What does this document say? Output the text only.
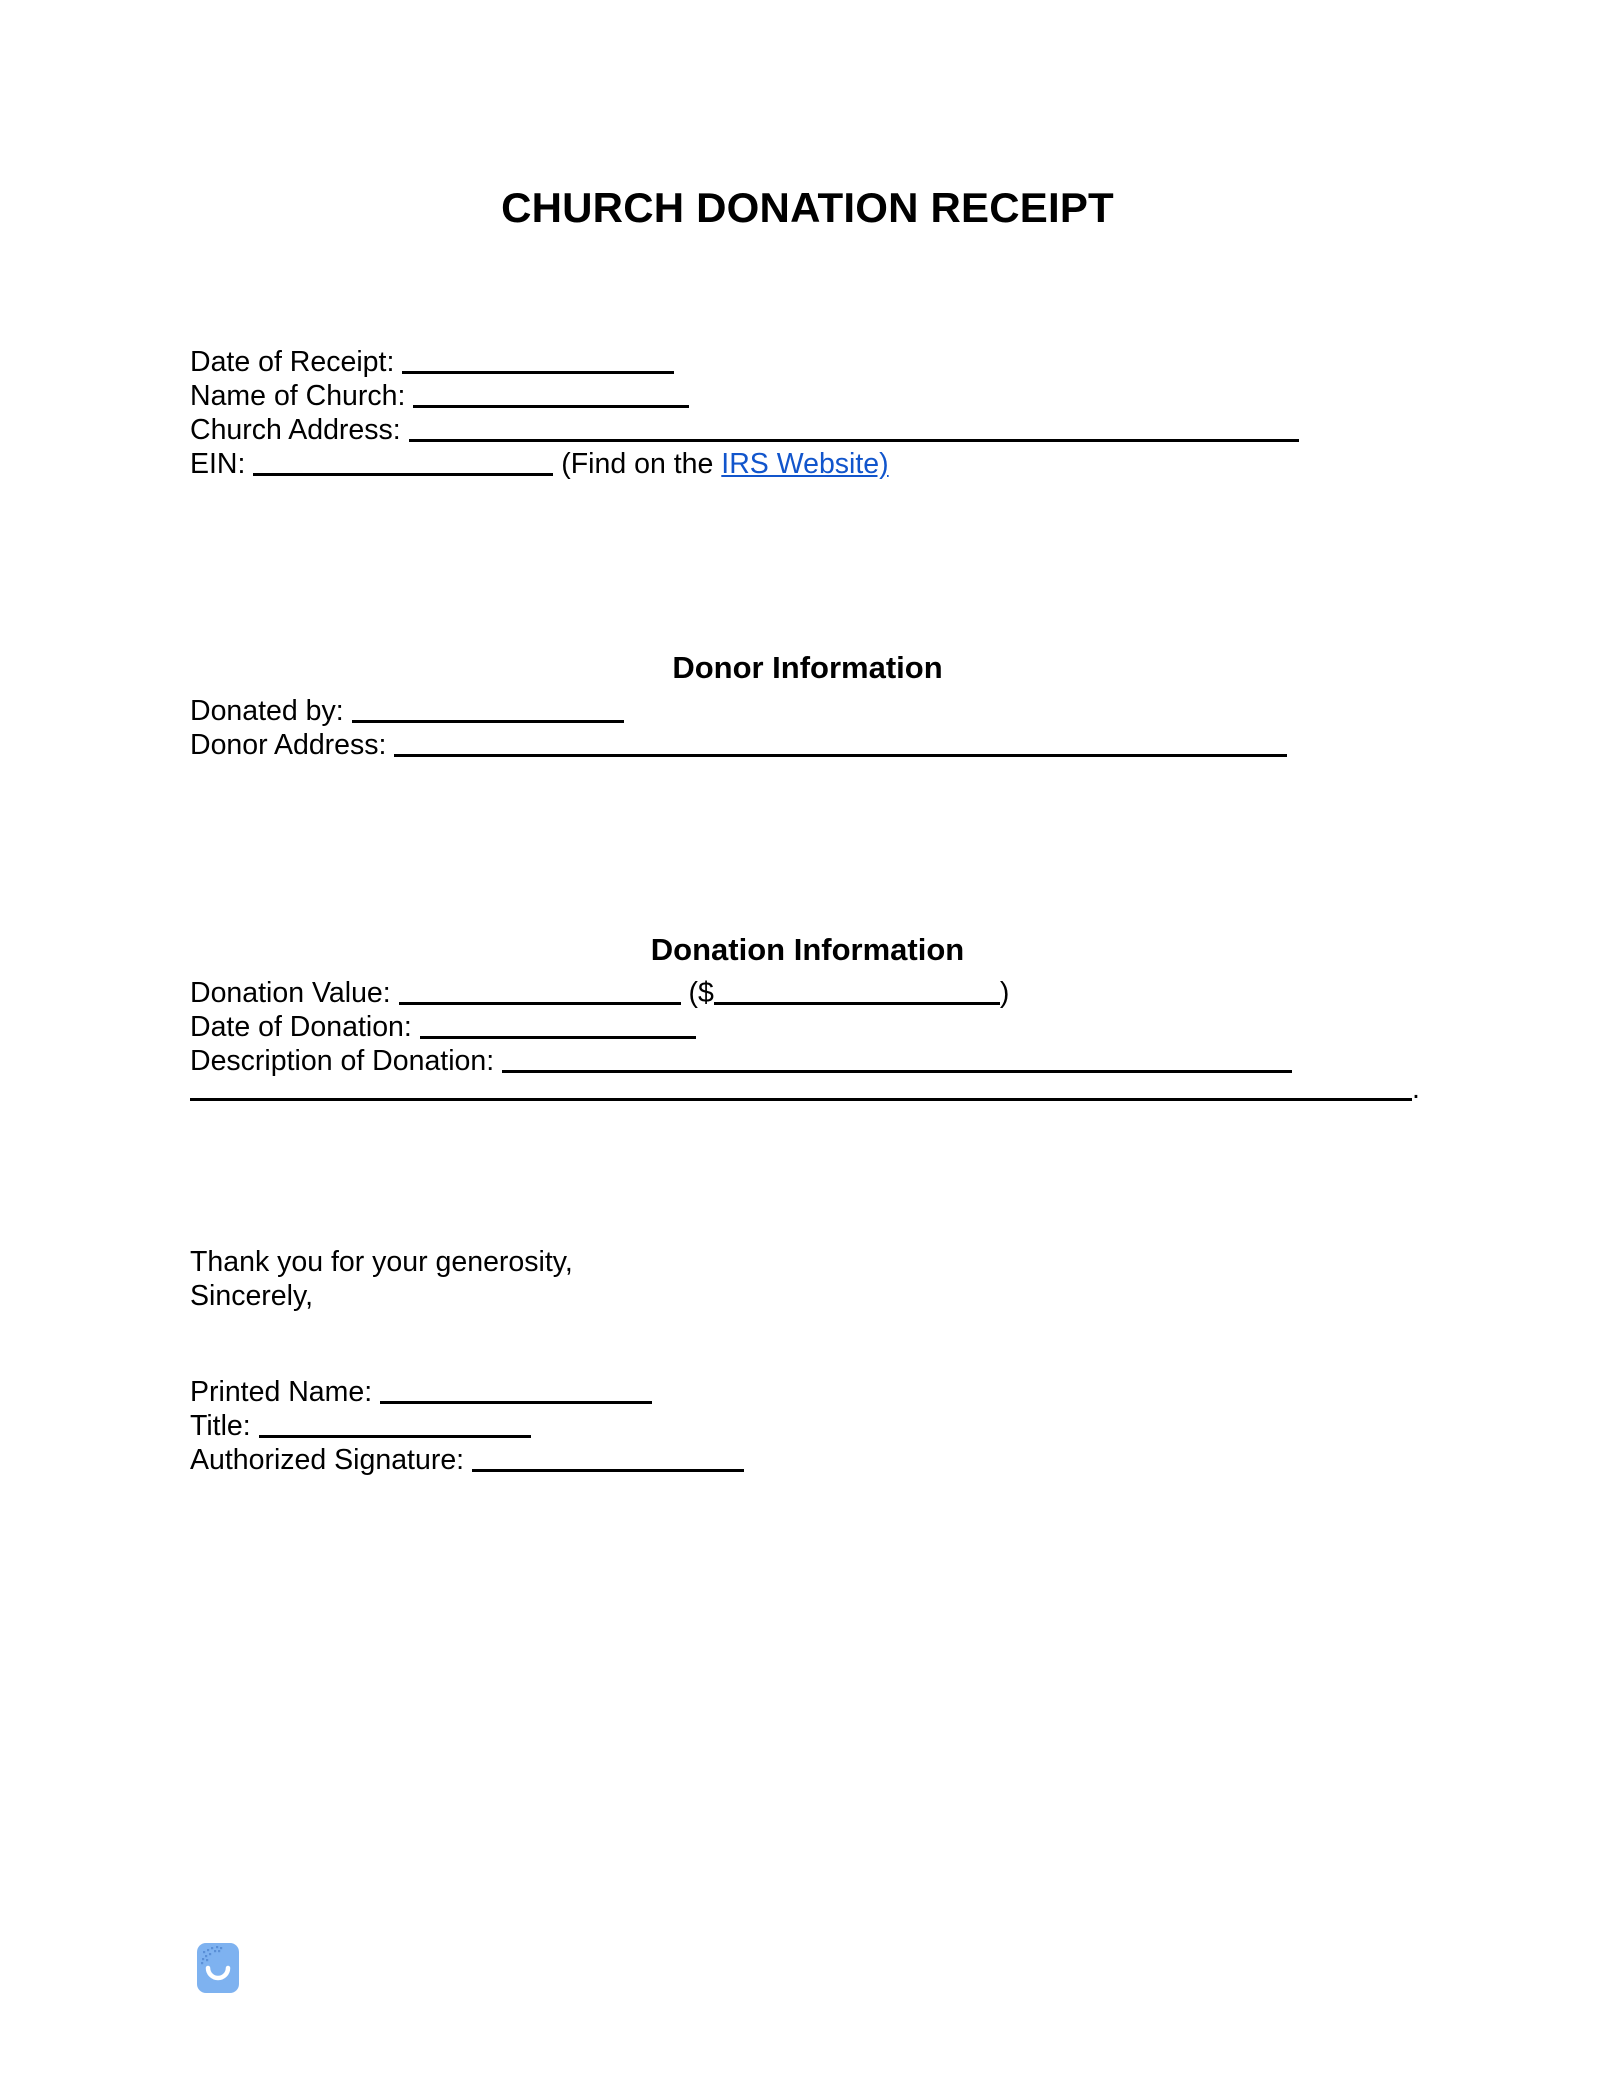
CHURCH DONATION RECEIPT
Date of Receipt:
Name of Church:
Church Address:
EIN:	(Find on the IRS Website)
Donor Information
Donated by:
Donor Address:
Donation Information
Donation Value:	($	)
Date of Donation:
Description of Donation:
.
Thank you for your generosity,
Sincerely,
Printed Name:
Title:
Authorized Signature:
